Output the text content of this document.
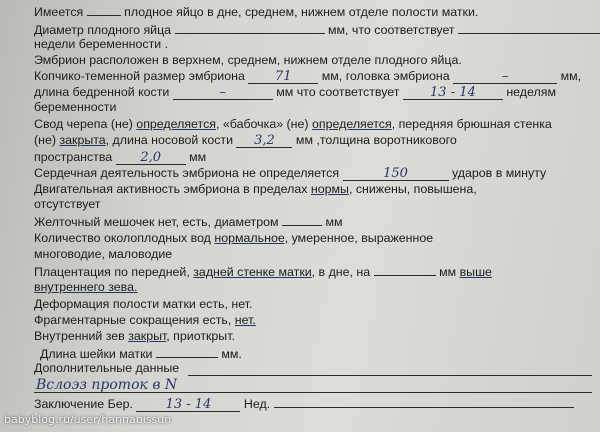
Имеется	плодное яйцо в дне, среднем, нижнем отделе полости матки.
Диаметр плодного яйца	мм, что соответствует
недели беременности .
Эмбрион расположен в верхнем, среднем, нижнем отделе плодного яйца.
Копчико-теменной размер эмбриона 71 мм, головка эмбриона	–	мм,
длина бедренной кости	–	мм что соответствует 13 - 14 неделям
беременности
Свод черепа (не) определяется, «бабочка» (не) определяется, передняя брюшная стенка
(не) закрыта, длина носовой кости 3,2 мм ,толщина воротникового
пространства 2,0 мм
Сердечная деятельность эмбриона не определяется	150	ударов в минуту
Двигательная активность эмбриона в пределах нормы, снижены, повышена,
отсутствует
Желточный мешочек нет, есть, диаметром	мм
Количество околоплодных вод нормальное, умеренное, выраженное
многоводие, маловодие
Плацентация по передней, задней стенке матки, в дне, на	мм выше
внутреннего зева.
Деформация полости матки есть, нет.
Фрагментарные сокращения есть, нет.
Внутренний зев закрыт, приоткрыт.
Длина шейки матки	мм.
Дополнительные данные
Вслоэз проток в N
Заключение Бер.	13 - 14	Нед.
babyblog.ru/user/hannabissun
